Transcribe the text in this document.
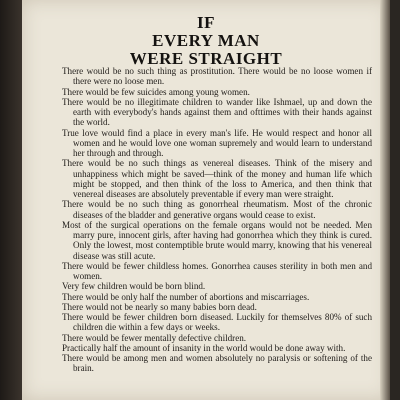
IF
EVERY MAN
WERE STRAIGHT

There would be no such thing as prostitution. There would be no loose women if there were no loose men.

There would be few suicides among young women.

There would be no illegitimate children to wander like Ishmael, up and down the earth with everybody's hands against them and ofttimes with their hands against the world.

True love would find a place in every man's life. He would respect and honor all women and he would love one woman supremely and would learn to understand her through and through.

There would be no such things as venereal diseases. Think of the misery and unhappiness which might be saved—think of the money and human life which might be stopped, and then think of the loss to America, and then think that venereal diseases are absolutely preventable if every man were straight.

There would be no such thing as gonorrheal rheumatism. Most of the chronic diseases of the bladder and generative organs would cease to exist.

Most of the surgical operations on the female organs would not be needed. Men marry pure, innocent girls, after having had gonorrhea which they think is cured. Only the lowest, most contemptible brute would marry, knowing that his venereal disease was still acute.

There would be fewer childless homes. Gonorrhea causes sterility in both men and women.

Very few children would be born blind.

There would be only half the number of abortions and miscarriages.

There would not be nearly so many babies born dead.

There would be fewer children born diseased. Luckily for themselves 80% of such children die within a few days or weeks.

There would be fewer mentally defective children.

Practically half the amount of insanity in the world would be done away with.

There would be among men and women absolutely no paralysis or softening of the brain.
